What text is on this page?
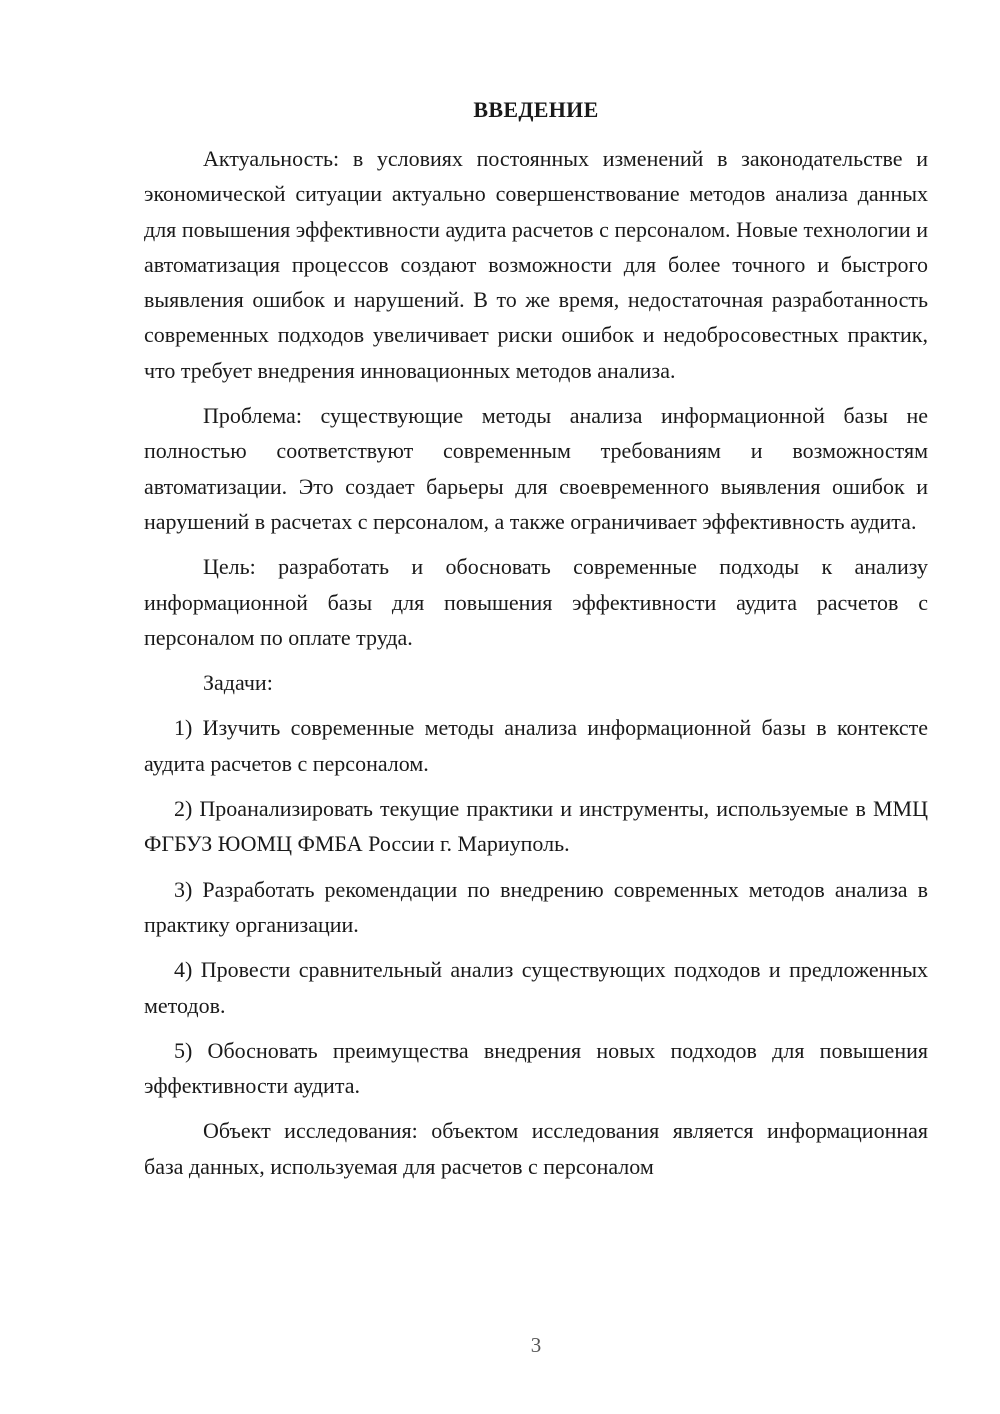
ВВЕДЕНИЕ

Актуальность: в условиях постоянных изменений в законодательстве и экономической ситуации актуально совершенствование методов анализа данных для повышения эффективности аудита расчетов с персоналом. Новые технологии и автоматизация процессов создают возможности для более точного и быстрого выявления ошибок и нарушений. В то же время, недостаточная разработанность современных подходов увеличивает риски ошибок и недобросовестных практик, что требует внедрения инновационных методов анализа.

Проблема: существующие методы анализа информационной базы не полностью соответствуют современным требованиям и возможностям автоматизации. Это создает барьеры для своевременного выявления ошибок и нарушений в расчетах с персоналом, а также ограничивает эффективность аудита.

Цель: разработать и обосновать современные подходы к анализу информационной базы для повышения эффективности аудита расчетов с персоналом по оплате труда.

Задачи:

1) Изучить современные методы анализа информационной базы в контексте аудита расчетов с персоналом.

2) Проанализировать текущие практики и инструменты, используемые в ММЦ ФГБУЗ ЮОМЦ ФМБА России г. Мариуполь.

3) Разработать рекомендации по внедрению современных методов анализа в практику организации.

4) Провести сравнительный анализ существующих подходов и предложенных методов.

5) Обосновать преимущества внедрения новых подходов для повышения эффективности аудита.

Объект исследования: объектом исследования является информационная база данных, используемая для расчетов с персоналом

3
